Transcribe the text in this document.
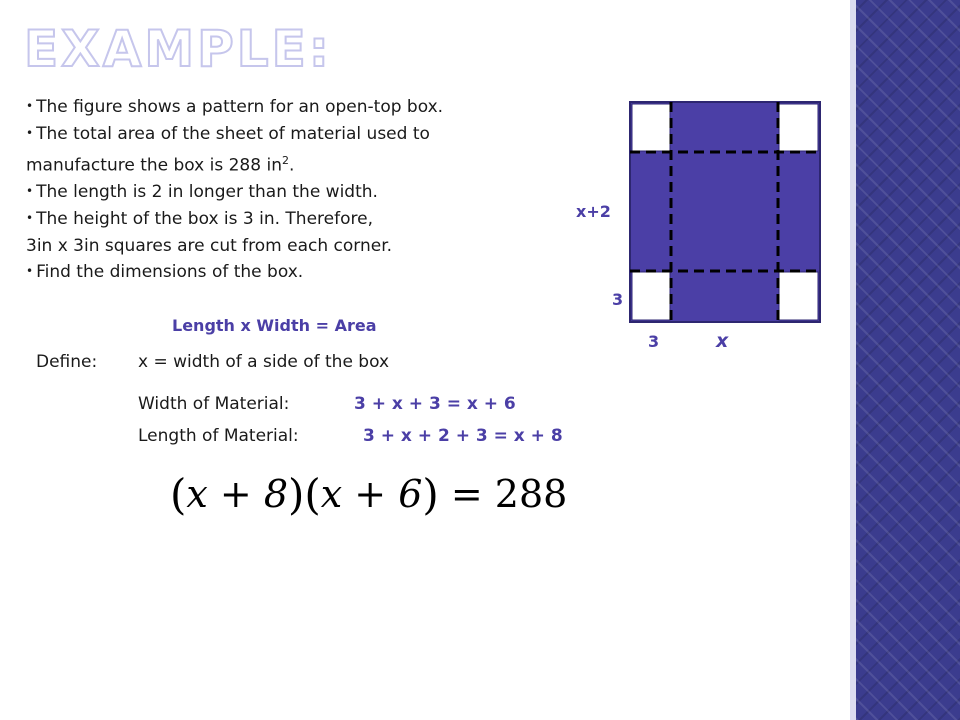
EXAMPLE:
• The figure shows a pattern for an open-top box.
• The total area of the sheet of material used to
manufacture the box is 288 $in^2$.
• The length is 2 in longer than the width.
• The height of the box is 3 in. Therefore,
3in x 3in squares are cut from each corner.
• Find the dimensions of the box.
Length x Width = Area
Define: x = width of a side of the box
Width of Material:	3 + x + 3 = x + 6
Length of Material:	3 + x + 2 + 3 = x + 8
(x + 8)(x + 6) = 288
x+2
3
3	x
